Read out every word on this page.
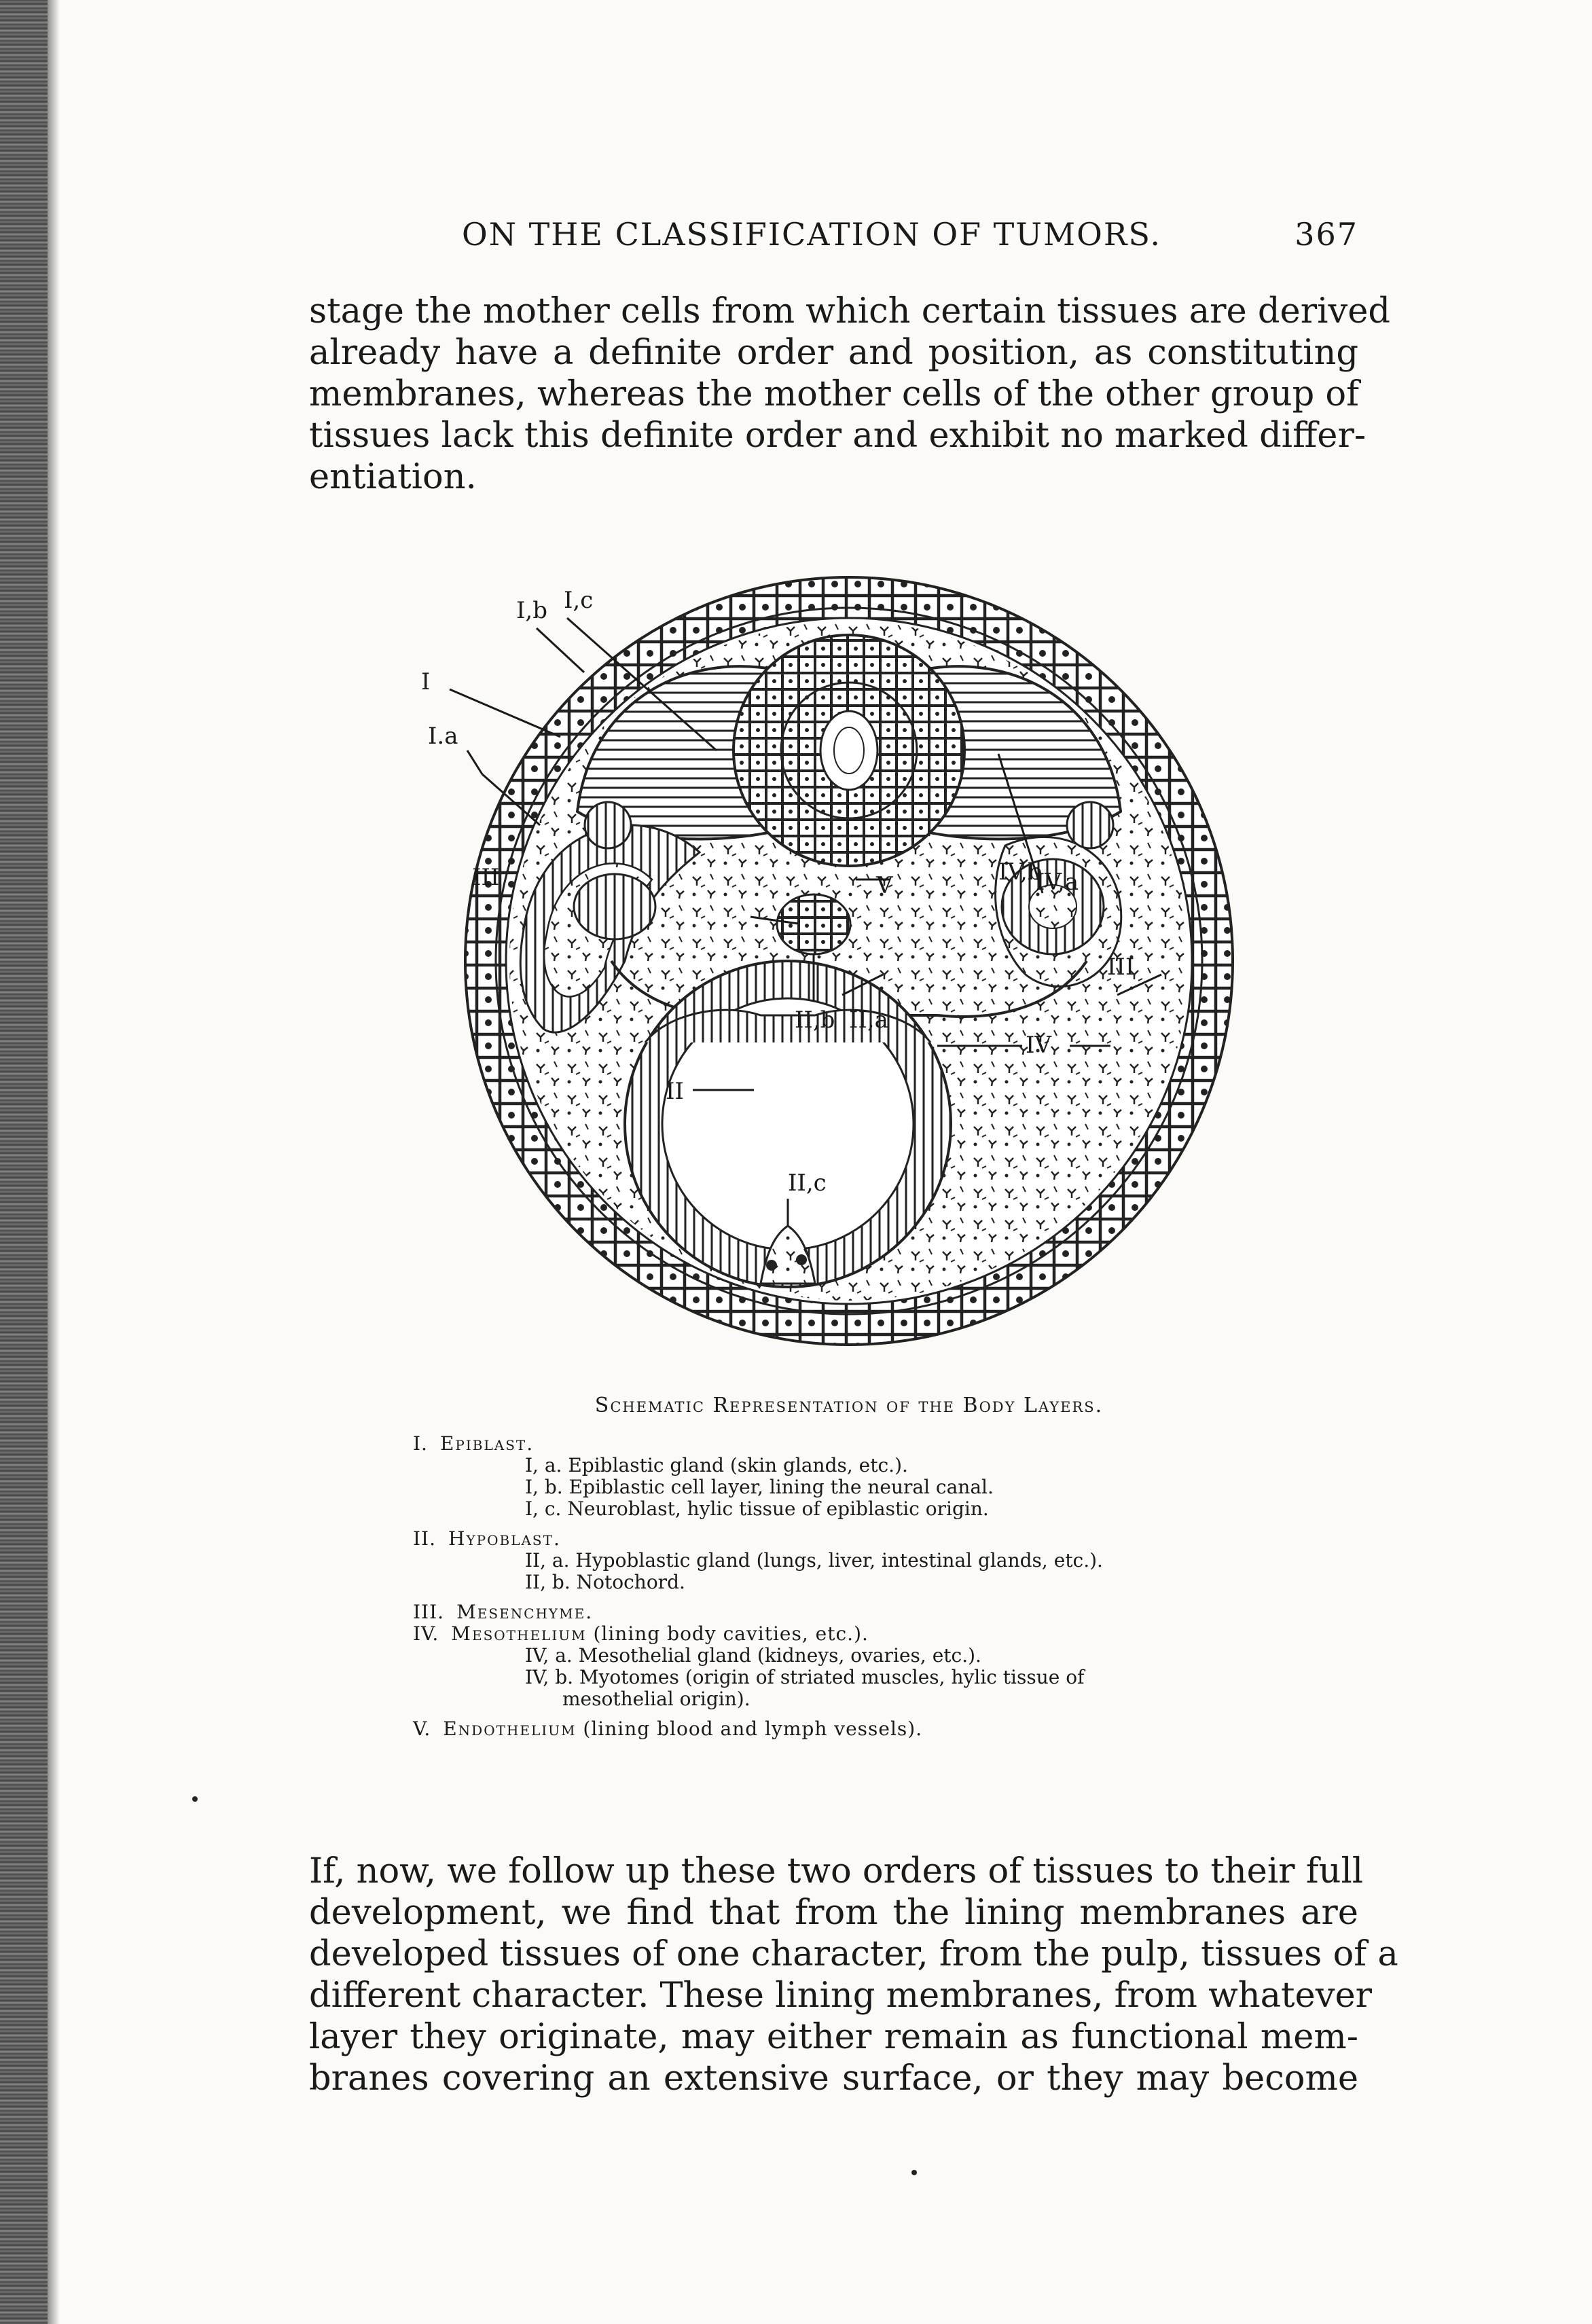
ON THE CLASSIFICATION OF TUMORS.	367
stage the mother cells from which certain tissues are derived
already have a definite order and position, as constituting
membranes, whereas the mother cells of the other group of
tissues lack this definite order and exhibit no marked differ-
entiation.
I
I.a
I,b I,c
III
III
V	IV,b
IV,a
II,b II,a
IV
II
II,c
Schematic Representation of the Body Layers.
I. Epiblast.
I, a. Epiblastic gland (skin glands, etc.).
I, b. Epiblastic cell layer, lining the neural canal.
I, c. Neuroblast, hylic tissue of epiblastic origin.
II. Hypoblast.
II, a. Hypoblastic gland (lungs, liver, intestinal glands, etc.).
II, b. Notochord.
III. Mesenchyme.
IV. Mesothelium (lining body cavities, etc.).
IV, a. Mesothelial gland (kidneys, ovaries, etc.).
IV, b. Myotomes (origin of striated muscles, hylic tissue of
mesothelial origin).
V. Endothelium (lining blood and lymph vessels).
If, now, we follow up these two orders of tissues to their full
development, we find that from the lining membranes are
developed tissues of one character, from the pulp, tissues of a
different character. These lining membranes, from whatever
layer they originate, may either remain as functional mem-
branes covering an extensive surface, or they may become
